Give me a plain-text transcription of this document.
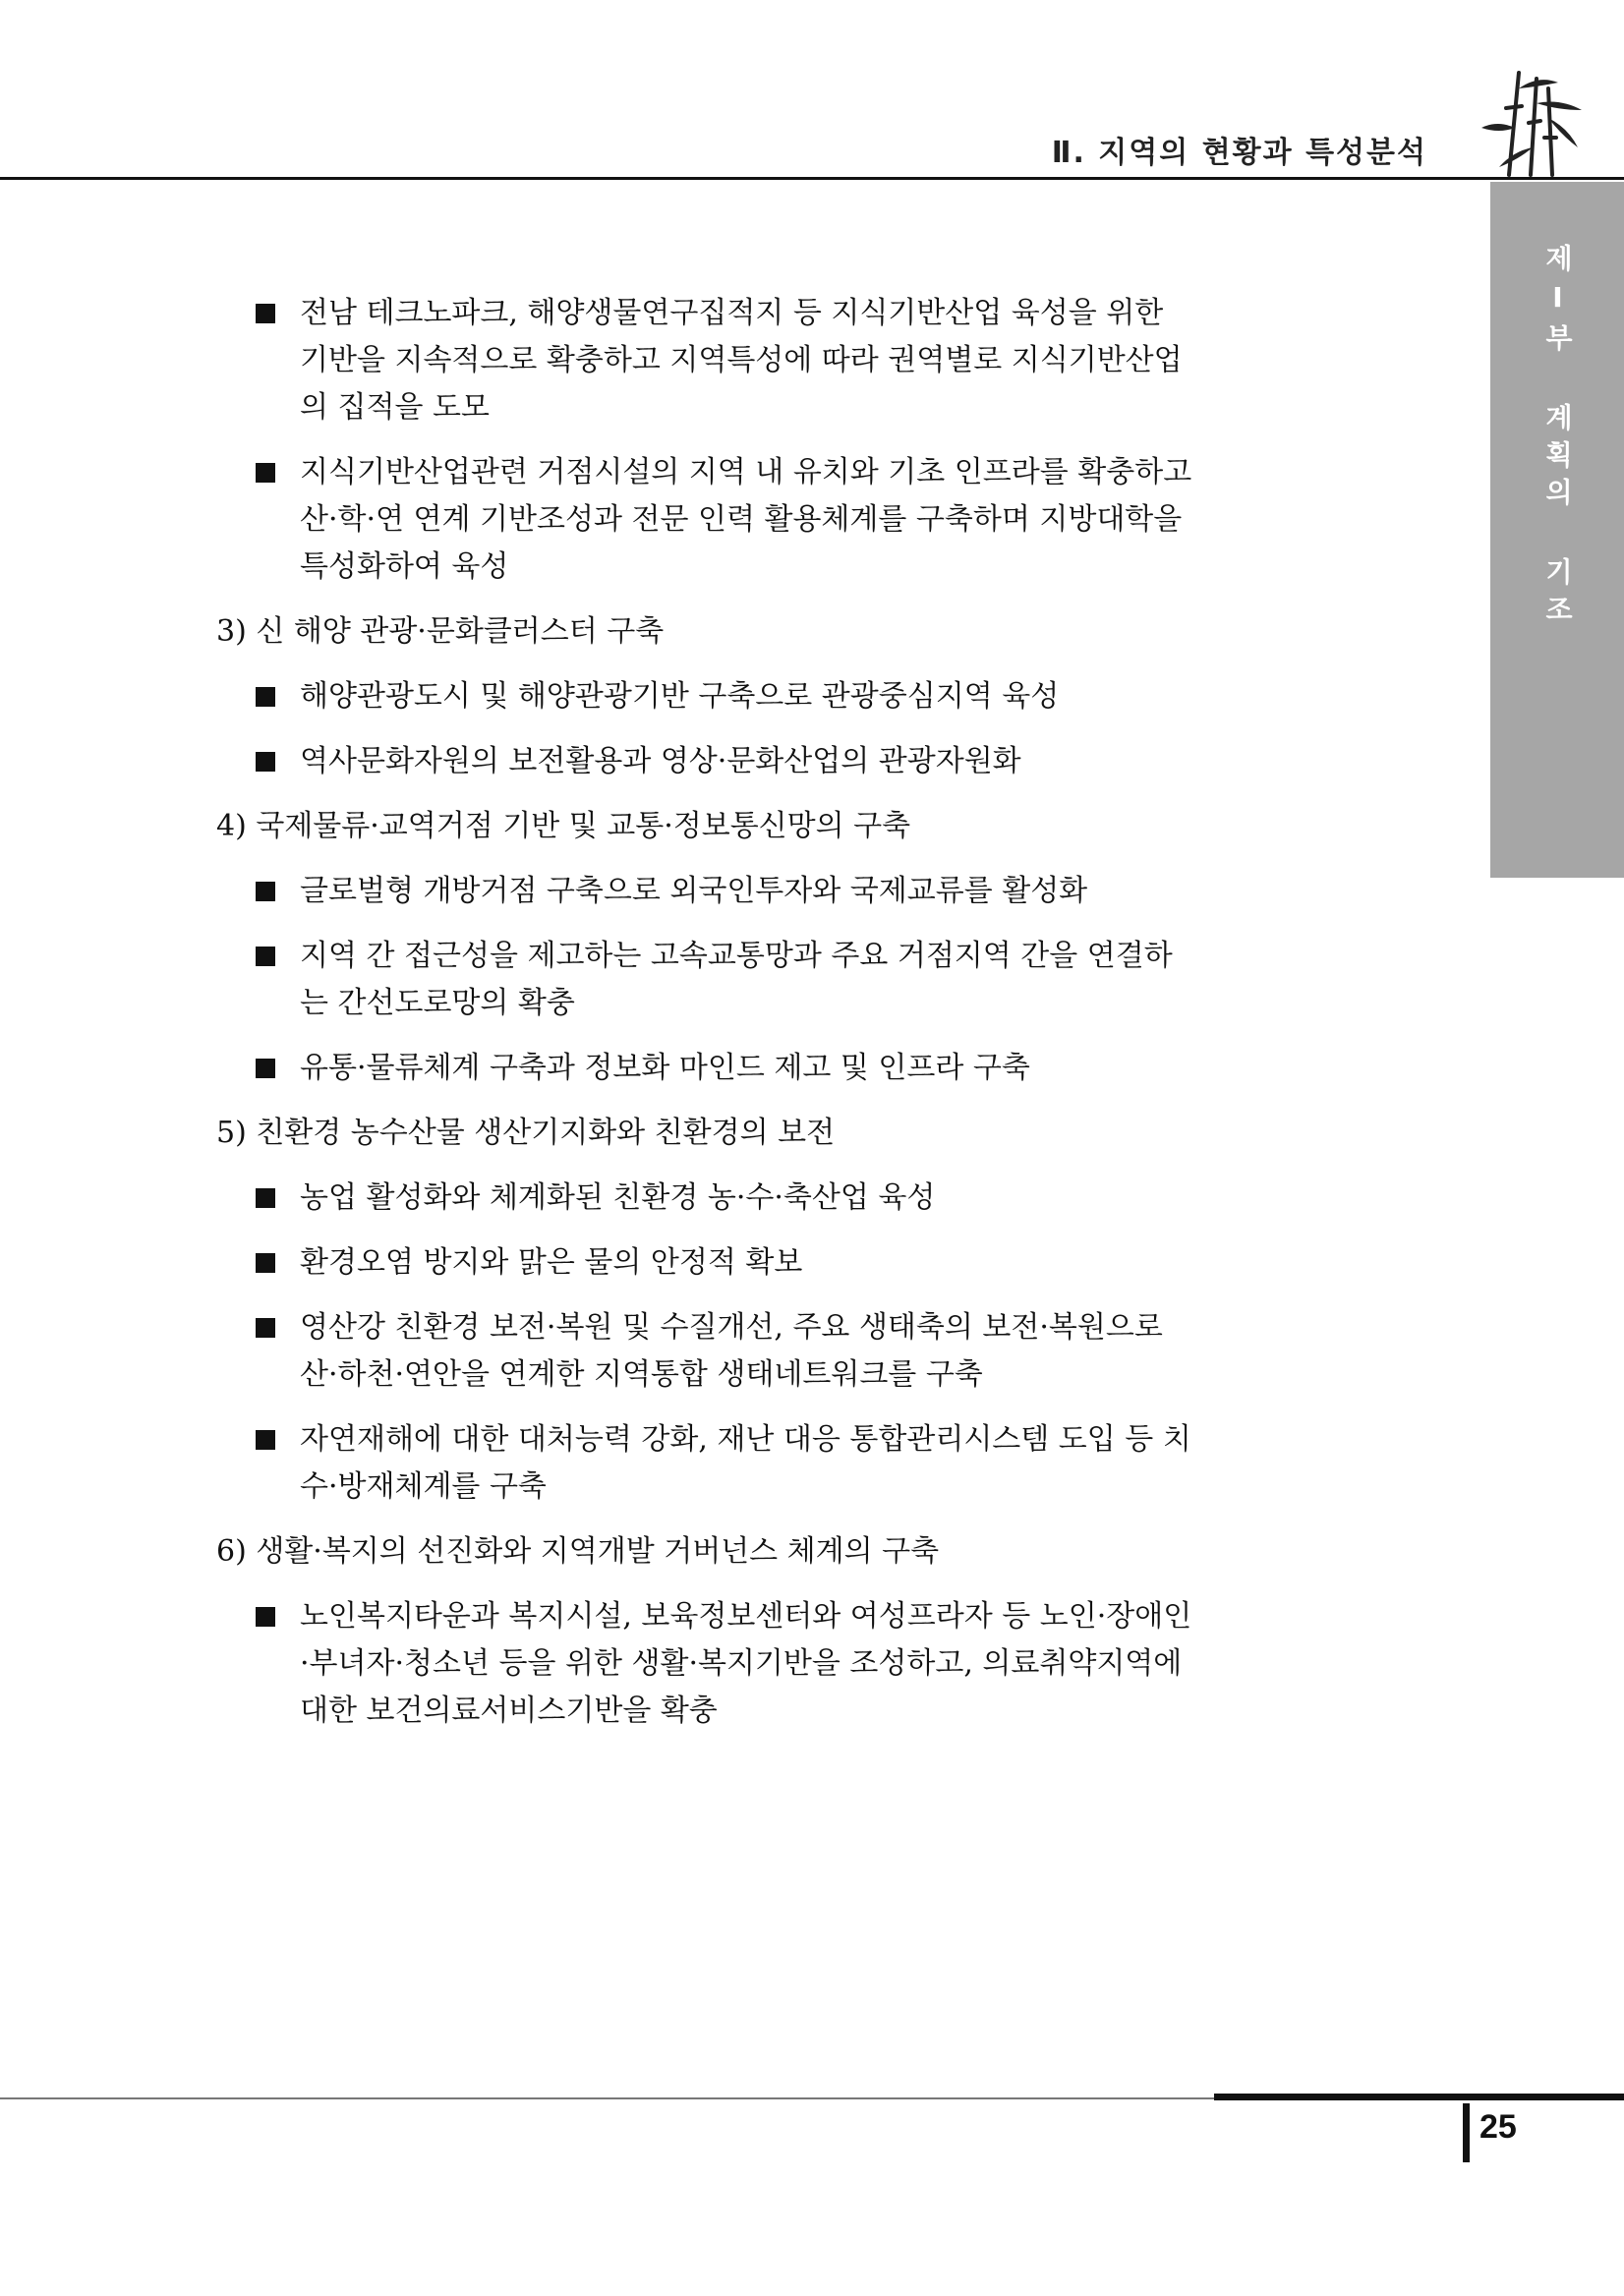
Ⅱ. 지역의 현황과 특성분석
제Ⅰ부 계획의 기조
전남 테크노파크, 해양생물연구집적지 등 지식기반산업 육성을 위한 기반을 지속적으로 확충하고 지역특성에 따라 권역별로 지식기반산업의 집적을 도모
지식기반산업관련 거점시설의 지역 내 유치와 기초 인프라를 확충하고 산·학·연 연계 기반조성과 전문 인력 활용체계를 구축하며 지방대학을 특성화하여 육성
3) 신 해양 관광·문화클러스터 구축
해양관광도시 및 해양관광기반 구축으로 관광중심지역 육성
역사문화자원의 보전활용과 영상·문화산업의 관광자원화
4) 국제물류·교역거점 기반 및 교통·정보통신망의 구축
글로벌형 개방거점 구축으로 외국인투자와 국제교류를 활성화
지역 간 접근성을 제고하는 고속교통망과 주요 거점지역 간을 연결하는 간선도로망의 확충
유통·물류체계 구축과 정보화 마인드 제고 및 인프라 구축
5) 친환경 농수산물 생산기지화와 친환경의 보전
농업 활성화와 체계화된 친환경 농·수·축산업 육성
환경오염 방지와 맑은 물의 안정적 확보
영산강 친환경 보전·복원 및 수질개선, 주요 생태축의 보전·복원으로 산·하천·연안을 연계한 지역통합 생태네트워크를 구축
자연재해에 대한 대처능력 강화, 재난 대응 통합관리시스템 도입 등 치수·방재체계를 구축
6) 생활·복지의 선진화와 지역개발 거버넌스 체계의 구축
노인복지타운과 복지시설, 보육정보센터와 여성프라자 등 노인·장애인·부녀자·청소년 등을 위한 생활·복지기반을 조성하고, 의료취약지역에 대한 보건의료서비스기반을 확충
25
